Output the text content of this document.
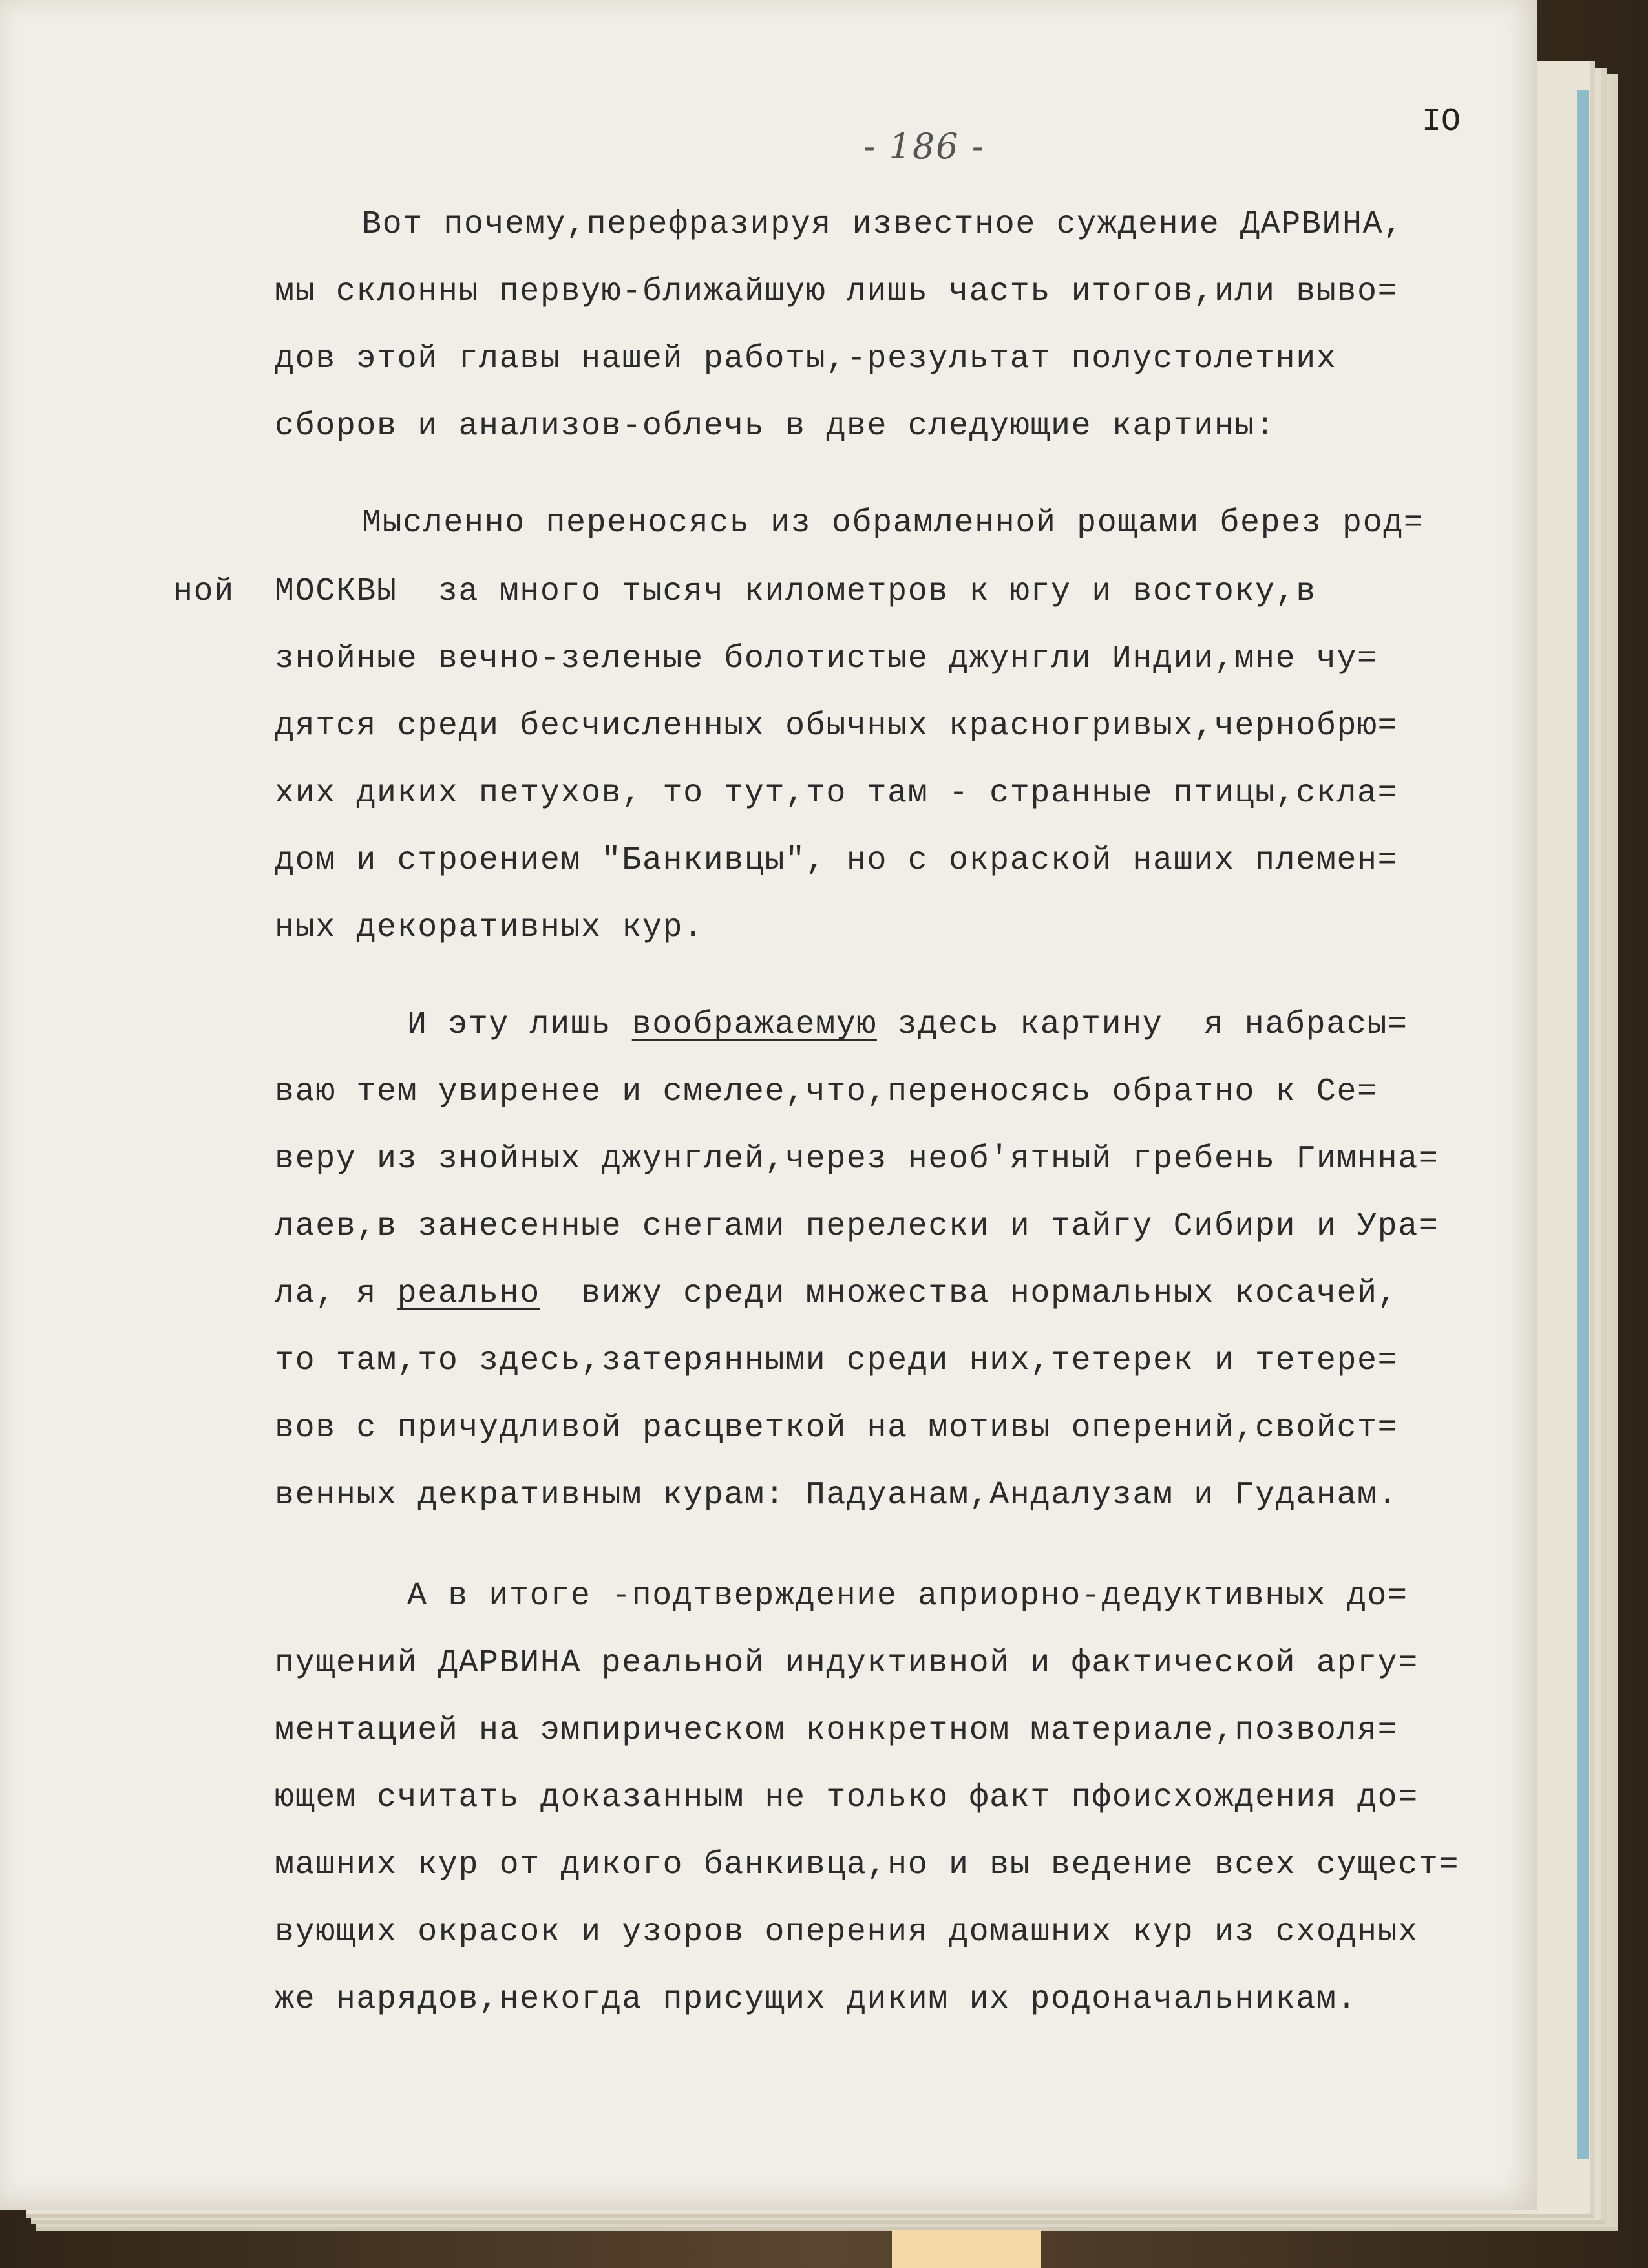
- 186 -
IO
Вот почему,перефразируя известное суждение ДАРВИНА,
мы склонны первую-ближайшую лишь часть итогов,или выво=
дов этой главы нашей работы,-результат полустолетних
сборов и анализов-облечь в две следующие картины:
Мысленно переносясь из обрамленной рощами берез род=
ной МОСКВЫ  за много тысяч километров к югу и востоку,в
знойные вечно-зеленые болотистые джунгли Индии,мне чу=
дятся среди бесчисленных обычных красногривых,чернобрю=
хих диких петухов, то тут,то там - странные птицы,скла=
дом и строением "Банкивцы", но с окраской наших племен=
ных декоративных кур.
И эту лишь воображаемую здесь картину  я набрасы=
ваю тем увиренее и смелее,что,переносясь обратно к Се=
веру из знойных джунглей,через необ'ятный гребень Гимнна=
лаев,в занесенные снегами перелески и тайгу Сибири и Ура=
ла, я реально  вижу среди множества нормальных косачей,
то там,то здесь,затерянными среди них,тетерек и тетере=
вов с причудливой расцветкой на мотивы оперений,свойст=
венных декративным курам: Падуанам,Андалузам и Гуданам.
А в итоге -подтверждение априорно-дедуктивных до=
пущений ДАРВИНА реальной индуктивной и фактической аргу=
ментацией на эмпирическом конкретном материале,позволя=
ющем считать доказанным не только факт пфоисхождения до=
машних кур от дикого банкивца,но и вы ведение всех сущест=
вующих окрасок и узоров оперения домашних кур из сходных
же нарядов,некогда присущих диким их родоначальникам.
